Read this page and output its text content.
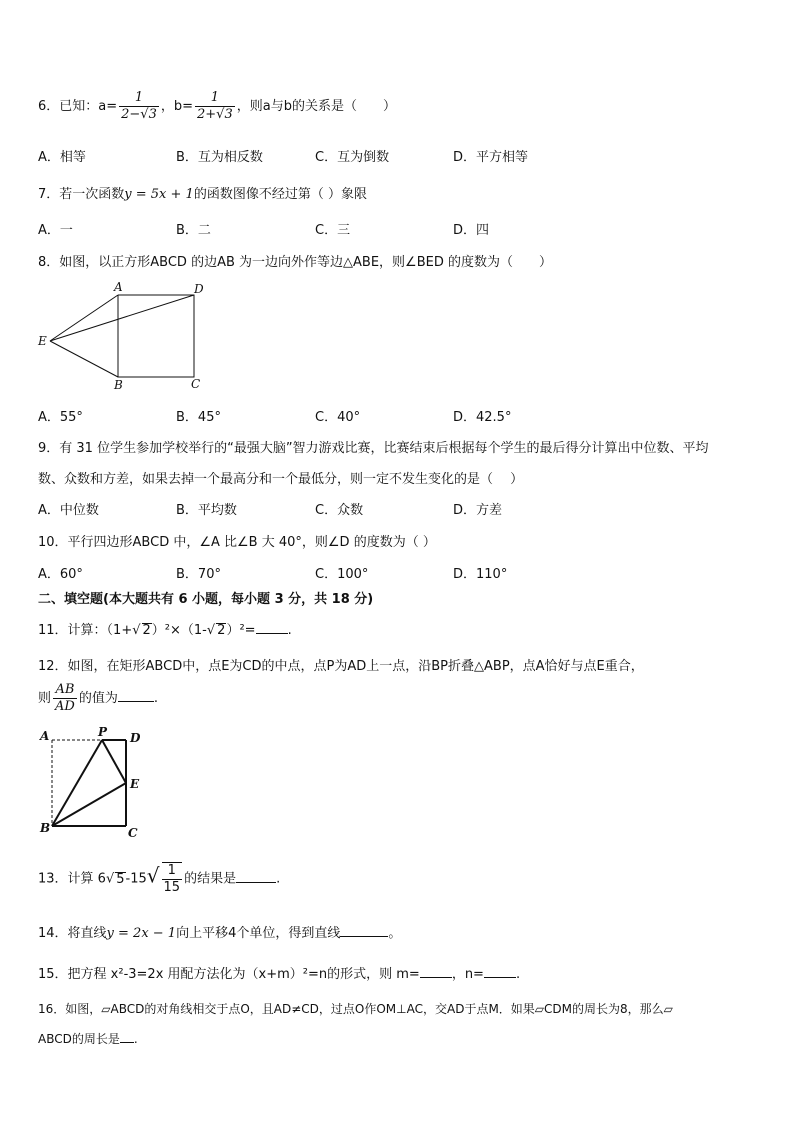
6．已知：$a= \frac{1}{2-√3}$ ，$b= \frac{1}{2+√3}$ ，则a与b的关系是（　　）
A．相等	B．互为相反数	C．互为倒数	D．平方相等
7．若一次函数y = 5x + 1的函数图像不经过第（ ）象限
A．一	B．二	C．三	D．四
8．如图，以正方形ABCD 的边AB 为一边向外作等边△ABE，则∠BED 的度数为（　　）
A	D
E
B	C
A．55°	B．45°	C．40°	D．42.5°
9．有 31 位学生参加学校举行的“最强大脑”智力游戏比赛，比赛结束后根据每个学生的最后得分计算出中位数、平均
数、众数和方差，如果去掉一个最高分和一个最低分，则一定不发生变化的是（　 ）
A．中位数	B．平均数	C．众数	D．方差
10．平行四边形ABCD 中，∠A 比∠B 大 40°，则∠D 的度数为（ ）
A．60°	B．70°	C．100°	D．110°
二、填空题(本大题共有 6 小题，每小题 3 分，共 18 分)
11．计算：（1+√ 2）²×（1-√ 2）²= .
12．如图，在矩形ABCD中，点E为CD的中点，点P为AD上一点，沿BP折叠△ABP，点A恰好与点E重合，
则 $\frac{AB}{AD}$ 的值为	.
A	P D
E
B	C
13．计算 6√ $5-15√ \frac{1}{15}$ 的结果是	.
14．将直线y = 2x − 1向上平移4个单位，得到直线	。
15．把方程 x²-3=2x 用配方法化为（x+m）²=n的形式，则 m= ，n= .
16．如图，▱ABCD的对角线相交于点O，且AD≠CD，过点O作OM⊥AC，交AD于点M．如果▱CDM的周长为8，那么▱
ABCD的周长是 .
